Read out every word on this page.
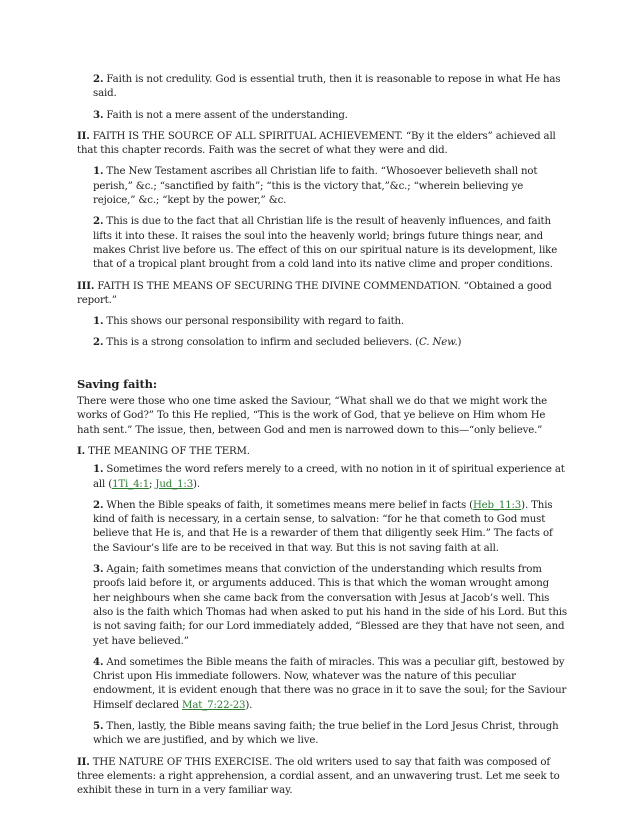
2. Faith is not credulity. God is essential truth, then it is reasonable to repose in what He has said.

3. Faith is not a mere assent of the understanding.

II. FAITH IS THE SOURCE OF ALL SPIRITUAL ACHIEVEMENT. “By it the elders” achieved all that this chapter records. Faith was the secret of what they were and did.

1. The New Testament ascribes all Christian life to faith. “Whosoever believeth shall not perish,” &c.; “sanctified by faith”; “this is the victory that,”&c.; “wherein believing ye rejoice,” &c.; “kept by the power,” &c.

2. This is due to the fact that all Christian life is the result of heavenly influences, and faith lifts it into these. It raises the soul into the heavenly world; brings future things near, and makes Christ live before us. The effect of this on our spiritual nature is its development, like that of a tropical plant brought from a cold land into its native clime and proper conditions.

III. FAITH IS THE MEANS OF SECURING THE DIVINE COMMENDATION. “Obtained a good report.”

1. This shows our personal responsibility with regard to faith.

2. This is a strong consolation to infirm and secluded believers. (C. New.)

Saving faith:

There were those who one time asked the Saviour, “What shall we do that we might work the works of God?” To this He replied, “This is the work of God, that ye believe on Him whom He hath sent.” The issue, then, between God and men is narrowed down to this—“only believe.”

I. THE MEANING OF THE TERM.

1. Sometimes the word refers merely to a creed, with no notion in it of spiritual experience at all (1Ti_4:1; Jud_1:3).

2. When the Bible speaks of faith, it sometimes means mere belief in facts (Heb_11:3). This kind of faith is necessary, in a certain sense, to salvation: “for he that cometh to God must believe that He is, and that He is a rewarder of them that diligently seek Him.” The facts of the Saviour’s life are to be received in that way. But this is not saving faith at all.

3. Again; faith sometimes means that conviction of the understanding which results from proofs laid before it, or arguments adduced. This is that which the woman wrought among her neighbours when she came back from the conversation with Jesus at Jacob’s well. This also is the faith which Thomas had when asked to put his hand in the side of his Lord. But this is not saving faith; for our Lord immediately added, “Blessed are they that have not seen, and yet have believed.”

4. And sometimes the Bible means the faith of miracles. This was a peculiar gift, bestowed by Christ upon His immediate followers. Now, whatever was the nature of this peculiar endowment, it is evident enough that there was no grace in it to save the soul; for the Saviour Himself declared Mat_7:22-23).

5. Then, lastly, the Bible means saving faith; the true belief in the Lord Jesus Christ, through which we are justified, and by which we live.

II. THE NATURE OF THIS EXERCISE. The old writers used to say that faith was composed of three elements: a right apprehension, a cordial assent, and an unwavering trust. Let me seek to exhibit these in turn in a very familiar way.
